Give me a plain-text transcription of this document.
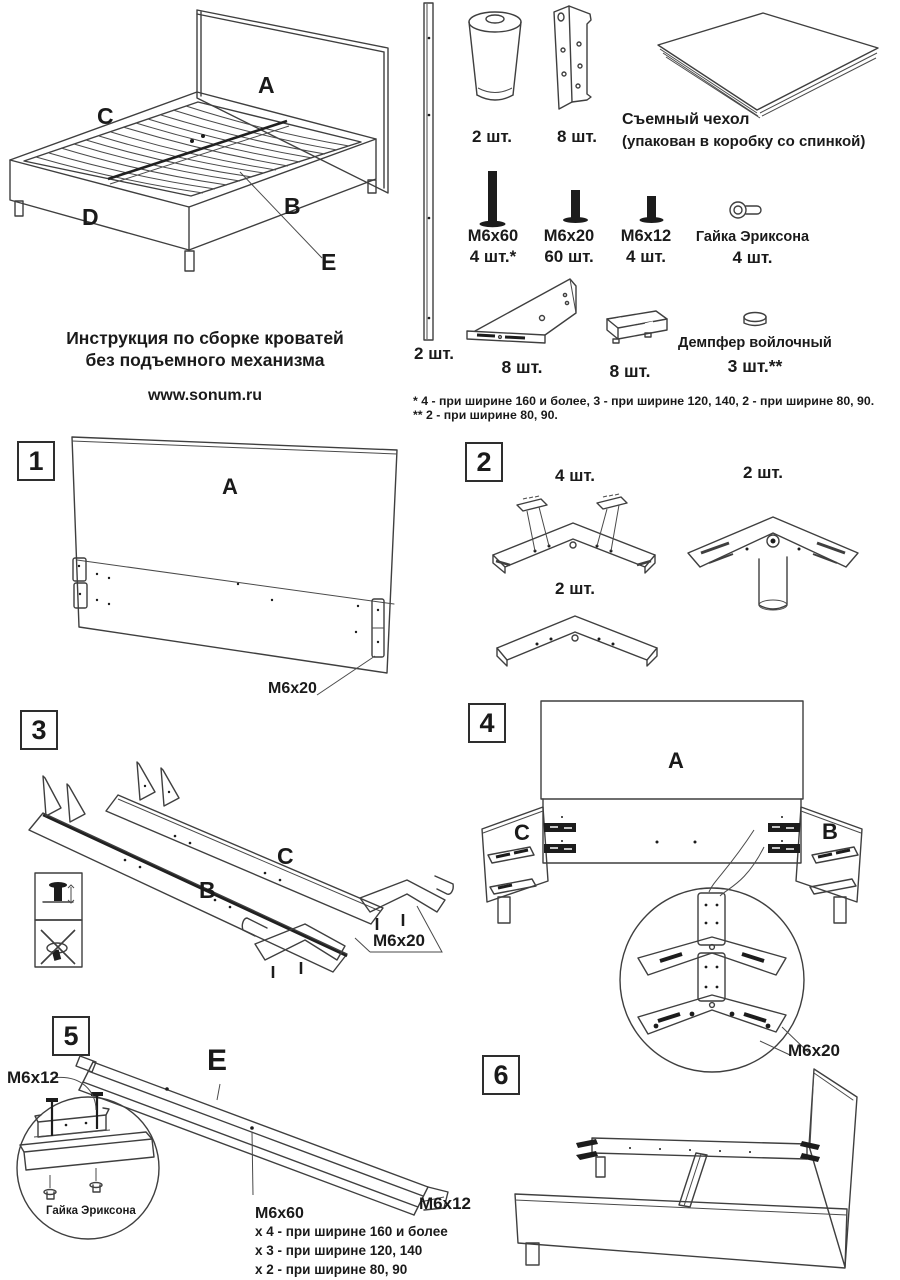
A
C
D	B
E
Инструкция по сборке кроватей
без подъемного механизма
www.sonum.ru
2 шт.
2 шт.	8 шт.
Съемный чехол
(упакован в коробку со спинкой)
M6x60
4 шт.*
M6x20
60 шт.
M6x12
4 шт.
Гайка Эриксона
4 шт.
8 шт.	8 шт.
Демпфер войлочный
3 шт.**
* 4 - при ширине 160 и более, 3 - при ширине 120, 140, 2 - при ширине 80, 90.
** 2 - при ширине 80, 90.
1
A
M6x20
2	4 шт.	2 шт.
2 шт.
3
B
C
M6x20
4
A
C	B
M6x20
5
E
M6x12
Гайка Эриксона	M6x12
M6x60
x 4 - при ширине 160 и более
x 3 - при ширине 120, 140
x 2 - при ширине 80, 90
6
